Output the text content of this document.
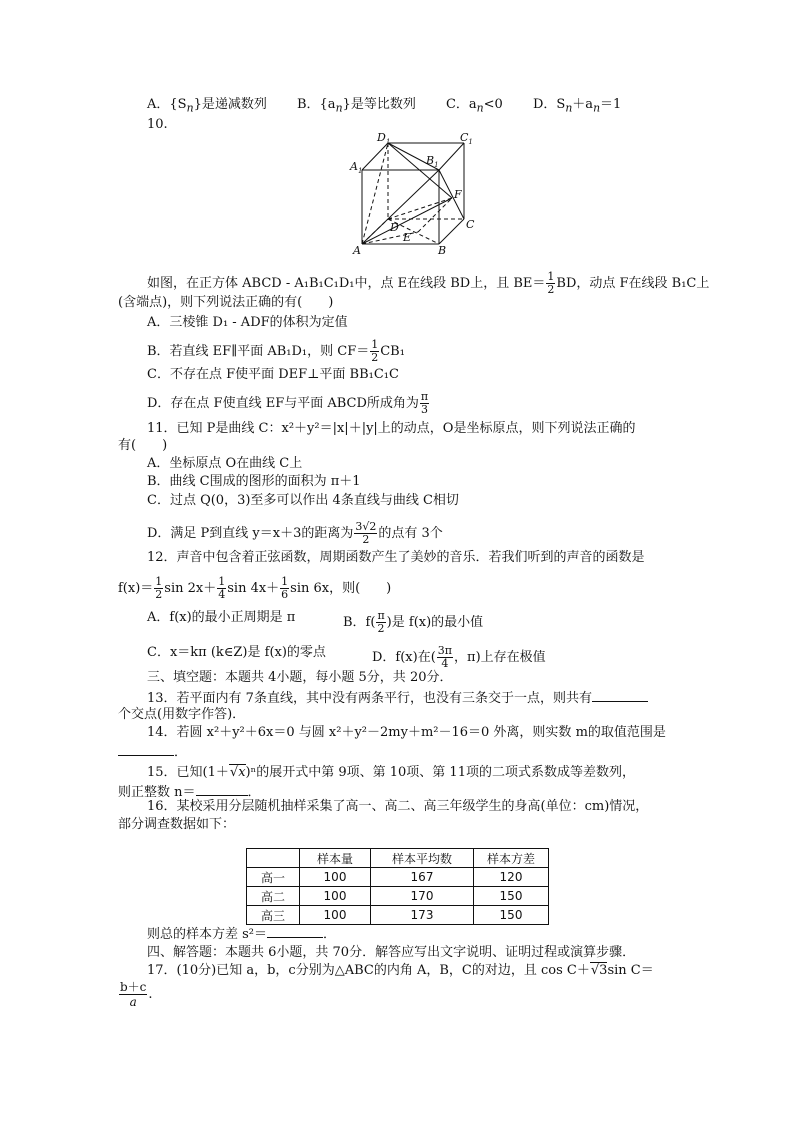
A．$\{S_n\}$是递减数列 B．$\{a_n\}$是等比数列 C．$a_n<0$ D．$S_n+a_n=1$
10.
$D_1$	$C_1$
$A_1$
$B_1$
F
C
D
E
A	B
如图，在正方体 ABCD - A₁B₁C₁D₁中，点 E在线段 BD上，且 $BE= \frac{1}{2}$ BD，动点 F在线段 B₁C上
(含端点)，则下列说法正确的有(　　)
A．三棱锥 D₁ - ADF的体积为定值
B．若直线 EF∥平面 AB₁D₁，则 $CF= \frac{1}{2} CB_1$
C．不存在点 F使平面 DEF⊥平面 BB₁C₁C
D．存在点 F使直线 EF与平面 ABCD所成角为 $\frac{\pi}{3}$
11．已知 P是曲线 C：x²＋y²＝|x|＋|y|上的动点，O是坐标原点，则下列说法正确的
有(　　)
A．坐标原点 O在曲线 C上
B．曲线 C围成的图形的面积为 π＋1
C．过点 Q(0，3)至多可以作出 4条直线与曲线 C相切
D．满足 P到直线 y＝x＋3的距离为 $\frac{3√2}{2}$ 的点有 3个
12．声音中包含着正弦函数，周期函数产生了美妙的音乐．若我们听到的声音的函数是
$f(x)= \frac{1}{2}$ $\sin 2x+ \frac{1}{4}$ $\sin 4x+ \frac{1}{6}$ sin 6x，则(　　)
A．f(x)的最小正周期是 π	B．$f( \frac{\pi}{2}$ )是 f(x)的最小值
C．x＝kπ (k∈Z)是 f(x)的零点	D．f(x)在( $\frac{3\pi}{4}$ ，π)上存在极值
三、填空题：本题共 4小题，每小题 5分，共 20分．
13．若平面内有 7条直线，其中没有两条平行，也没有三条交于一点，则共有
个交点(用数字作答)．
14．若圆 x²＋y²＋6x＝0 与圆 x²＋y²－2my＋m²－16＝0 外离，则实数 m的取值范围是
．
15．已知(1＋√x)ⁿ的展开式中第 9项、第 10项、第 11项的二项式系数成等差数列，
则正整数 n＝	．
16．某校采用分层随机抽样采集了高一、高二、高三年级学生的身高(单位：cm)情况，
部分调查数据如下：
	样本量	样本平均数	样本方差
高一	100	167	120
高二	100	170	150
高三	100	173	150
则总的样本方差 s²＝	．
四、解答题：本题共 6小题，共 70分．解答应写出文字说明、证明过程或演算步骤．
17．(10分)已知 a，b，c分别为△ABC的内角 A，B，C的对边，且 cos C＋√3sin C＝
$\frac{b+c}{a}$ .
